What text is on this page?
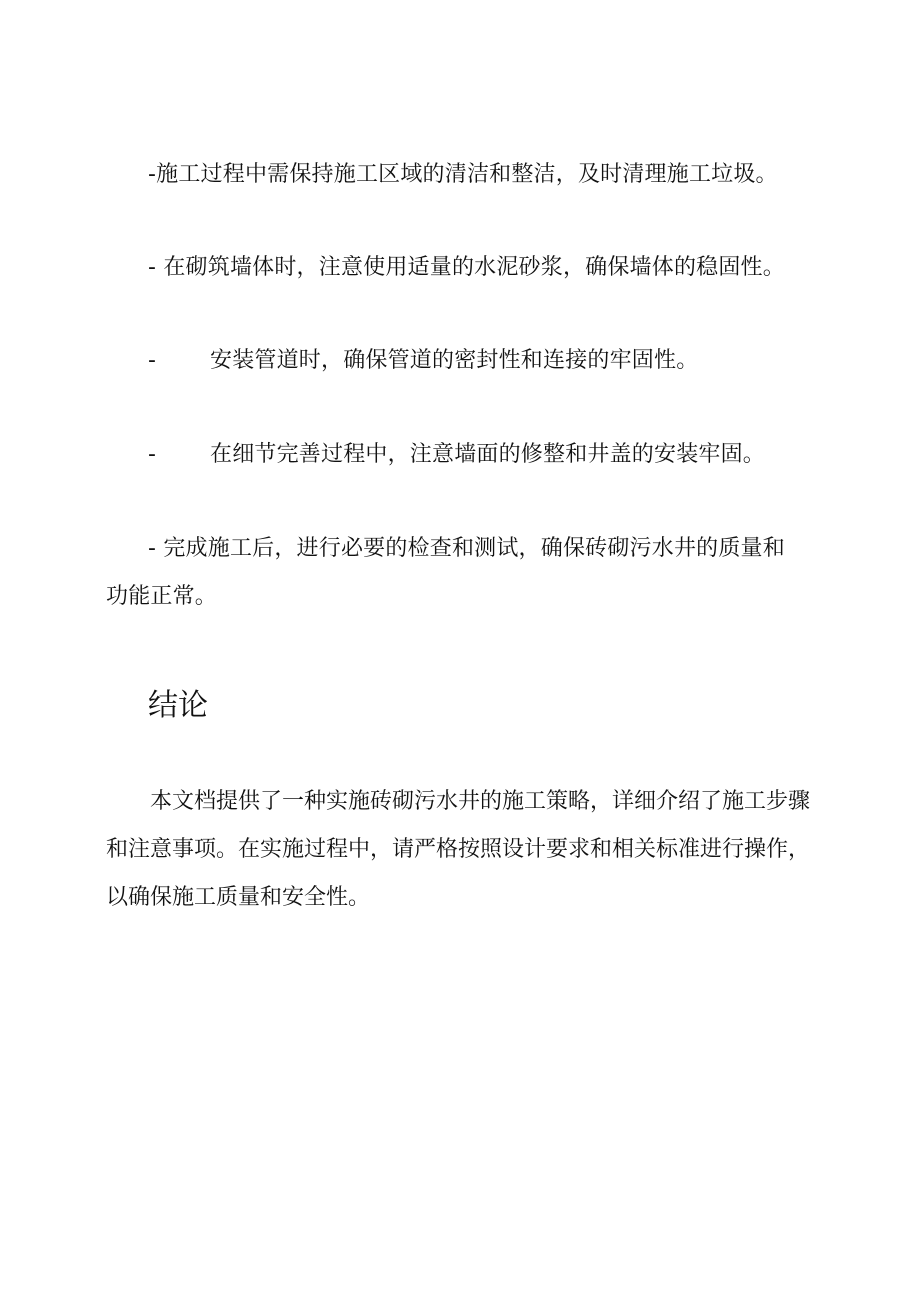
-施工过程中需保持施工区域的清洁和整洁，及时清理施工垃圾。
- 在砌筑墙体时，注意使用适量的水泥砂浆，确保墙体的稳固性。
- 安装管道时，确保管道的密封性和连接的牢固性。
- 在细节完善过程中，注意墙面的修整和井盖的安装牢固。
- 完成施工后，进行必要的检查和测试，确保砖砌污水井的质量和
功能正常。
结论

本文档提供了一种实施砖砌污水井的施工策略，详细介绍了施工步骤和注意事项。在实施过程中，请严格按照设计要求和相关标准进行操作，以确保施工质量和安全性。
